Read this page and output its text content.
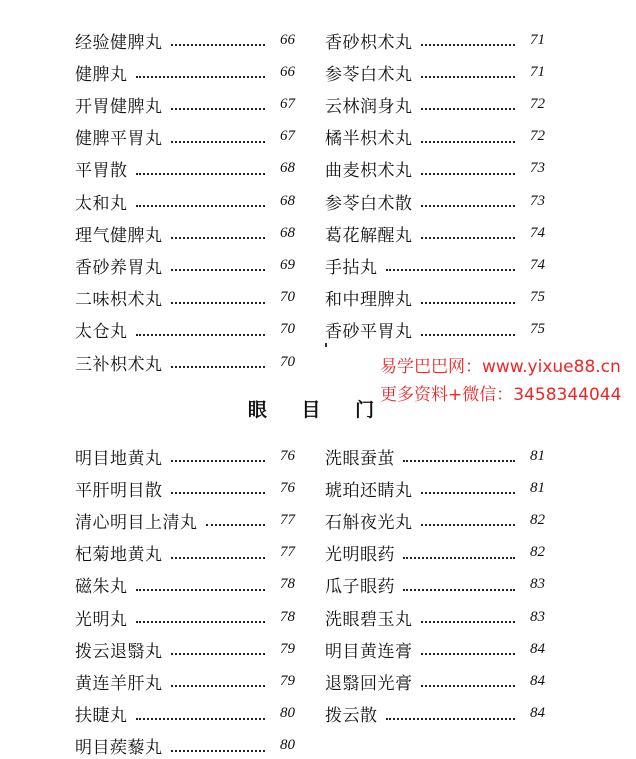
经验健脾丸	66
健脾丸	66
开胃健脾丸	67
健脾平胃丸	67
平胃散	68
太和丸	68
理气健脾丸	68
香砂养胃丸	69
二味枳术丸	70
太仓丸	70
三补枳术丸	70
香砂枳术丸	71
参苓白术丸	71
云林润身丸	72
橘半枳术丸	72
曲麦枳术丸	73
参苓白术散	73
葛花解醒丸	74
手拈丸	74
和中理脾丸	75
香砂平胃丸	75
易学巴巴网：www.yixue88.cn
更多资料+微信：3458344044
眼 目 门
明目地黄丸	76
平肝明目散	76
清心明目上清丸	77
杞菊地黄丸	77
磁朱丸	78
光明丸	78
拨云退翳丸	79
黄连羊肝丸	79
扶睫丸	80
明目蒺藜丸	80
洗眼蚕茧	81
琥珀还睛丸	81
石斛夜光丸	82
光明眼药	82
瓜子眼药	83
洗眼碧玉丸	83
明目黄连膏	84
退翳回光膏	84
拨云散	84
